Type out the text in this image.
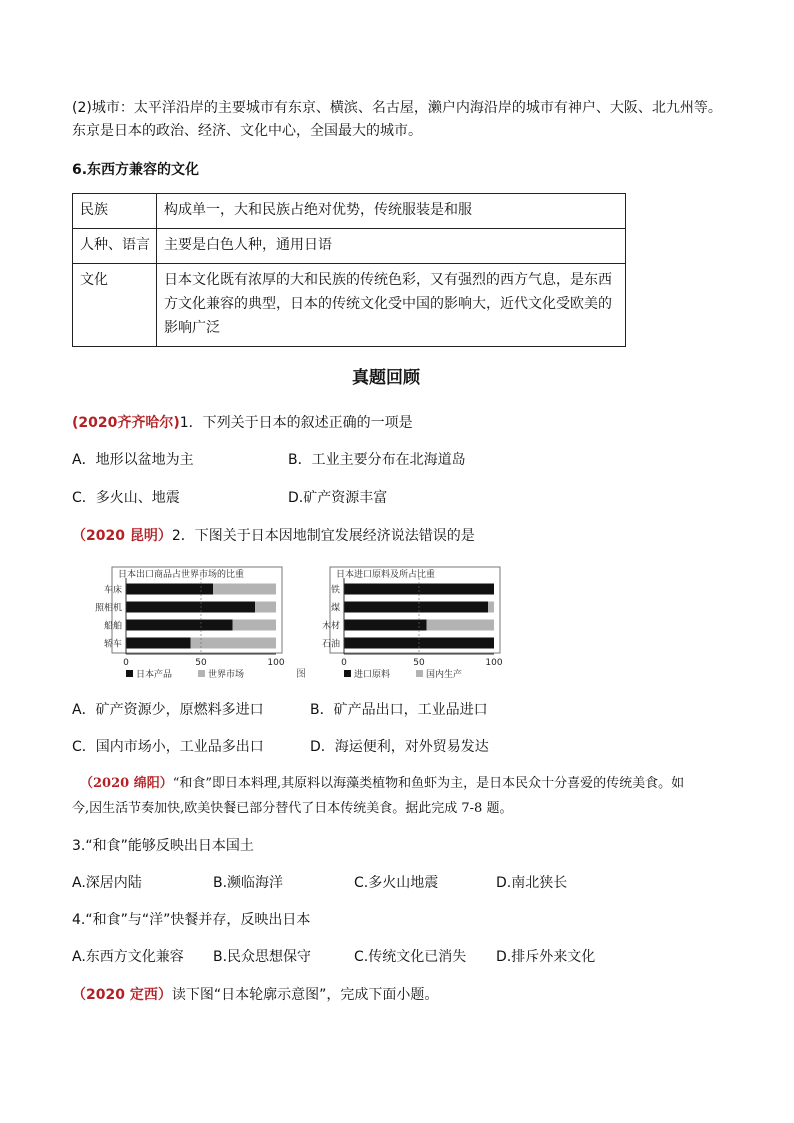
(2)城市：太平洋沿岸的主要城市有东京、横滨、名古屋，濑户内海沿岸的城市有神户、大阪、北九州等。
东京是日本的政治、经济、文化中心，全国最大的城市。
6.东西方兼容的文化
民族	构成单一，大和民族占绝对优势，传统服装是和服

人种、语言	主要是白色人种，通用日语

文化	日本文化既有浓厚的大和民族的传统色彩，又有强烈的西方气息，是东西
方文化兼容的典型，日本的传统文化受中国的影响大，近代文化受欧美的
影响广泛
真题回顾
(2020齐齐哈尔)1．下列关于日本的叙述正确的一项是
A．地形以盆地为主	B．工业主要分布在北海道岛
C．多火山、地震	D.矿产资源丰富
（2020 昆明）2．下图关于日本因地制宜发展经济说法错误的是
日本出口商品占世界市场的比重
车床
照相机
船舶
轿车
0	50	100
日本产品	世界市场
日本进口原料及所占比重
铁
煤
木材
石油
0	50	100
进口原料	国内生产
图
A．矿产资源少，原燃料多进口	B．矿产品出口，工业品进口
C．国内市场小，工业品多出口	D．海运便利，对外贸易发达
（2020 绵阳）“和食”即日本料理,其原料以海藻类植物和鱼虾为主，是日本民众十分喜爱的传统美食。如
今,因生活节奏加快,欧美快餐已部分替代了日本传统美食。据此完成 7-8 题。
3.“和食”能够反映出日本国土
A.深居内陆	B.濒临海洋	C.多火山地震	D.南北狭长
4.“和食”与“洋”快餐并存，反映出日本
A.东西方文化兼容 B.民众思想保守	C.传统文化已消失 D.排斥外来文化
（2020 定西）读下图“日本轮廓示意图”，完成下面小题。
